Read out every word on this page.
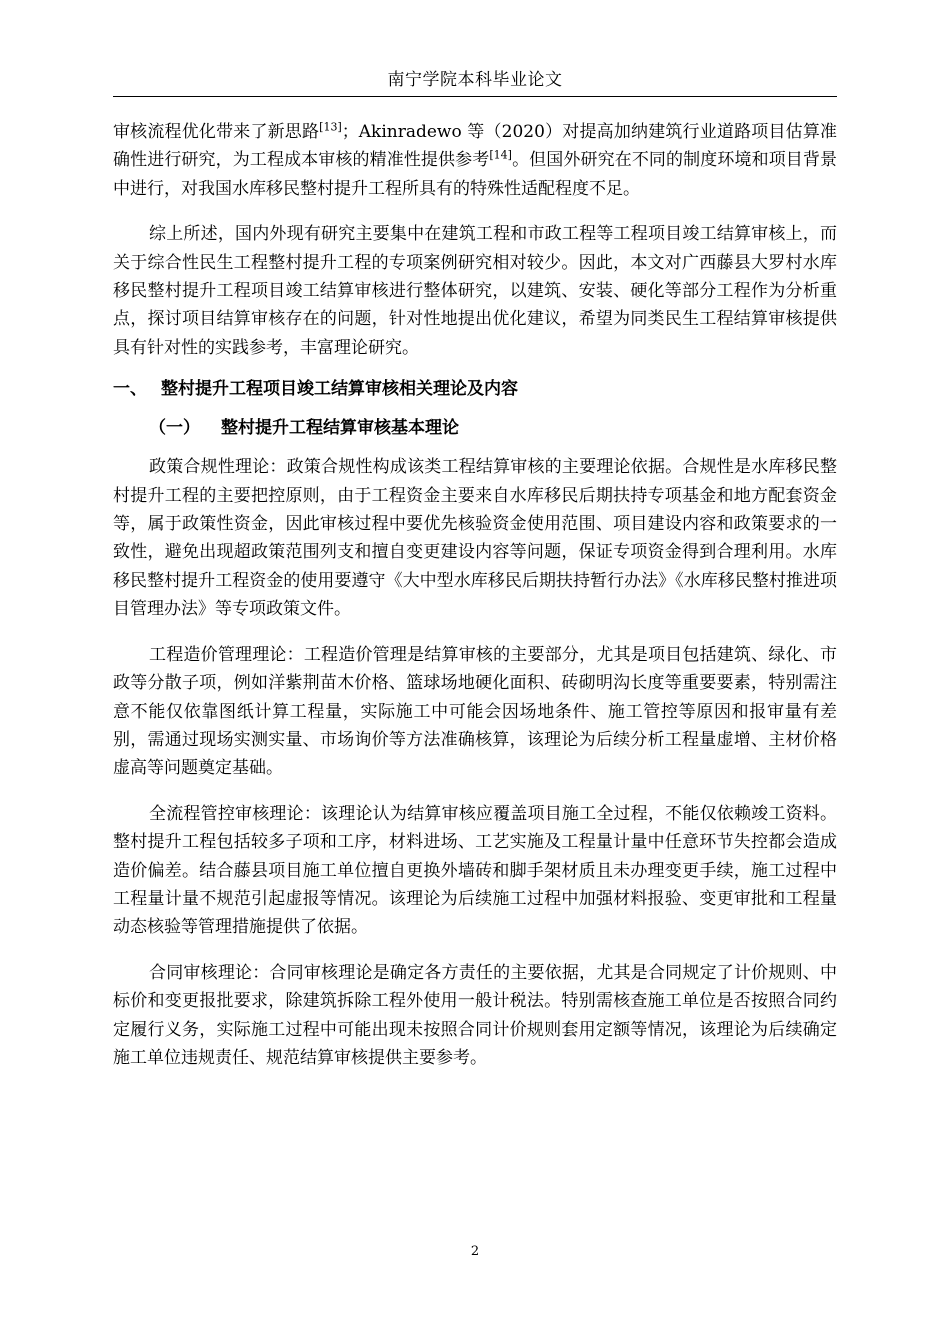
南宁学院本科毕业论文

审核流程优化带来了新思路[13]；Akinradewo 等（2020）对提高加纳建筑行业道路项目估算准确性进行研究，为工程成本审核的精准性提供参考[14]。但国外研究在不同的制度环境和项目背景中进行，对我国水库移民整村提升工程所具有的特殊性适配程度不足。

综上所述，国内外现有研究主要集中在建筑工程和市政工程等工程项目竣工结算审核上，而关于综合性民生工程整村提升工程的专项案例研究相对较少。因此，本文对广西藤县大罗村水库移民整村提升工程项目竣工结算审核进行整体研究，以建筑、安装、硬化等部分工程作为分析重点，探讨项目结算审核存在的问题，针对性地提出优化建议，希望为同类民生工程结算审核提供具有针对性的实践参考，丰富理论研究。

一、 整村提升工程项目竣工结算审核相关理论及内容
（一） 整村提升工程结算审核基本理论

政策合规性理论：政策合规性构成该类工程结算审核的主要理论依据。合规性是水库移民整村提升工程的主要把控原则，由于工程资金主要来自水库移民后期扶持专项基金和地方配套资金等，属于政策性资金，因此审核过程中要优先核验资金使用范围、项目建设内容和政策要求的一致性，避免出现超政策范围列支和擅自变更建设内容等问题，保证专项资金得到合理利用。水库移民整村提升工程资金的使用要遵守《大中型水库移民后期扶持暂行办法》《水库移民整村推进项目管理办法》等专项政策文件。

工程造价管理理论：工程造价管理是结算审核的主要部分，尤其是项目包括建筑、绿化、市政等分散子项，例如洋紫荆苗木价格、篮球场地硬化面积、砖砌明沟长度等重要要素，特别需注意不能仅依靠图纸计算工程量，实际施工中可能会因场地条件、施工管控等原因和报审量有差别，需通过现场实测实量、市场询价等方法准确核算，该理论为后续分析工程量虚增、主材价格虚高等问题奠定基础。

全流程管控审核理论：该理论认为结算审核应覆盖项目施工全过程，不能仅依赖竣工资料。整村提升工程包括较多子项和工序，材料进场、工艺实施及工程量计量中任意环节失控都会造成造价偏差。结合藤县项目施工单位擅自更换外墙砖和脚手架材质且未办理变更手续，施工过程中工程量计量不规范引起虚报等情况。该理论为后续施工过程中加强材料报验、变更审批和工程量动态核验等管理措施提供了依据。

合同审核理论：合同审核理论是确定各方责任的主要依据，尤其是合同规定了计价规则、中标价和变更报批要求，除建筑拆除工程外使用一般计税法。特别需核查施工单位是否按照合同约定履行义务，实际施工过程中可能出现未按照合同计价规则套用定额等情况，该理论为后续确定施工单位违规责任、规范结算审核提供主要参考。

2
